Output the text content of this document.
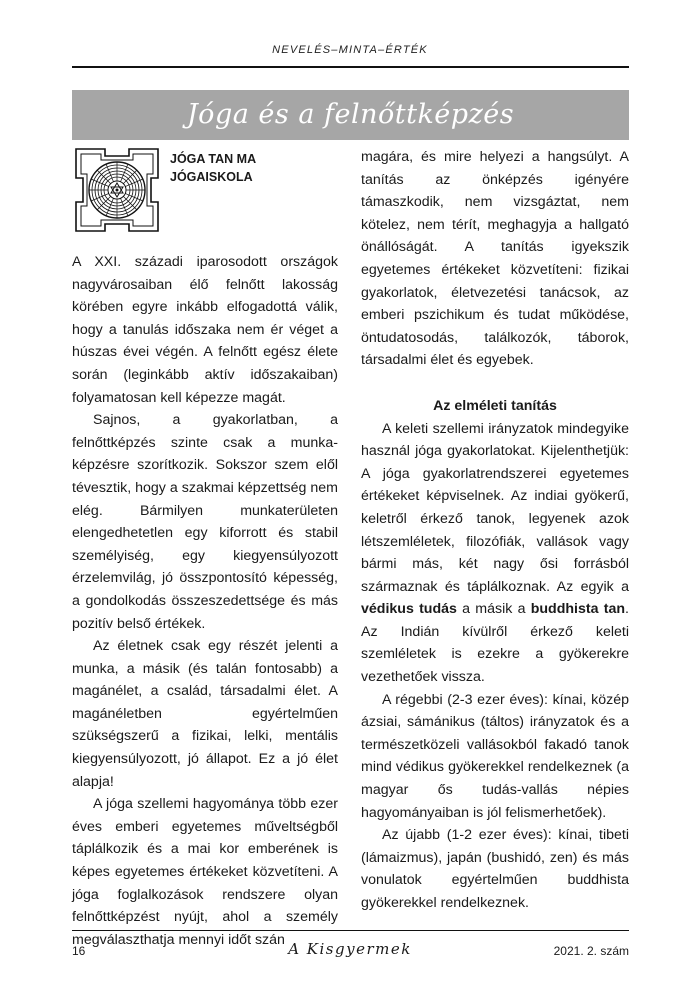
NEVELÉS–MINTA–ÉRTÉK
Jóga és a felnőttképzés
JÓGA TAN MA
JÓGAISKOLA

A XXI. századi iparosodott országok nagyvárosaiban élő felnőtt lakosság körében egyre inkább elfogadottá válik, hogy a tanulás időszaka nem ér véget a húszas évei végén. A felnőtt egész élete során (leginkább aktív időszakaiban) folyamatosan kell képezze magát.

Sajnos, a gyakorlatban, a felnőttképzés szinte csak a munka-képzésre szorítkozik. Sokszor szem elől tévesztik, hogy a szakmai képzettség nem elég. Bármilyen munkaterületen elengedhetetlen egy kiforrott és stabil személyiség, egy kiegyensúlyozott érzelemvilág, jó összpontosító képesség, a gondolkodás összeszedettsége és más pozitív belső értékek.

Az életnek csak egy részét jelenti a munka, a másik (és talán fontosabb) a magánélet, a család, társadalmi élet. A magánéletben egyértelműen szükségszerű a fizikai, lelki, mentális kiegyensúlyozott, jó állapot. Ez a jó élet alapja!

A jóga szellemi hagyománya több ezer éves emberi egyetemes műveltségből táplálkozik és a mai kor emberének is képes egyetemes értékeket közvetíteni. A jóga foglalkozások rendszere olyan felnőttképzést nyújt, ahol a személy megválaszthatja mennyi időt szán

magára, és mire helyezi a hangsúlyt. A tanítás az önképzés igényére támaszkodik, nem vizsgáztat, nem kötelez, nem térít, meghagyja a hallgató önállóságát. A tanítás igyekszik egyetemes értékeket közvetíteni: fizikai gyakorlatok, életvezetési tanácsok, az emberi pszichikum és tudat működése, öntudatosodás, találkozók, táborok, társadalmi élet és egyebek.

Az elméleti tanítás

A keleti szellemi irányzatok mindegyike használ jóga gyakorlatokat. Kijelenthetjük: A jóga gyakorlatrendszerei egyetemes értékeket képviselnek. Az indiai gyökerű, keletről érkező tanok, legyenek azok létszemléletek, filozófiák, vallások vagy bármi más, két nagy ősi forrásból származnak és táplálkoznak. Az egyik a védikus tudás a másik a buddhista tan. Az Indián kívülről érkező keleti szemléletek is ezekre a gyökerekre vezethetőek vissza.

A régebbi (2-3 ezer éves): kínai, közép ázsiai, sámánikus (táltos) irányzatok és a természetközeli vallásokból fakadó tanok mind védikus gyökerekkel rendelkeznek (a magyar ős tudás-vallás népies hagyományaiban is jól felismerhetőek).

Az újabb (1-2 ezer éves): kínai, tibeti (lámaizmus), japán (bushidó, zen) és más vonulatok egyértelműen buddhista gyökerekkel rendelkeznek.

16	A Kisgyermek	2021. 2. szám
